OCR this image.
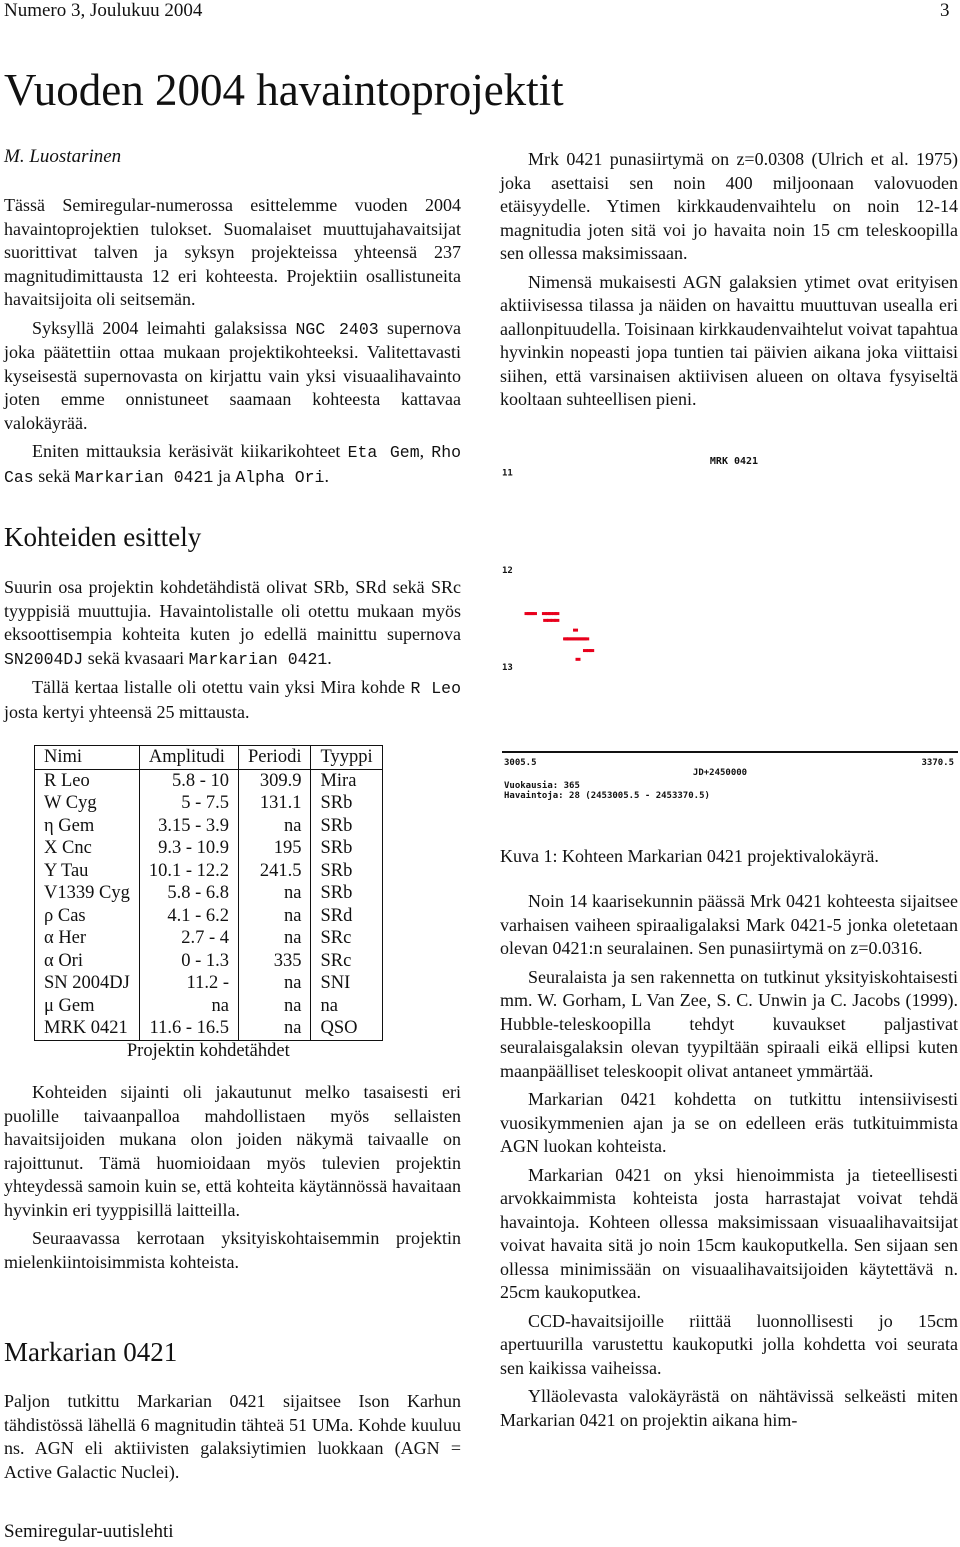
Numero 3, Joulukuu 2004	3
Vuoden 2004 havaintoprojektit
M. Luostarinen

Tässä Semiregular-numerossa esittelemme vuoden 2004 havaintoprojektien tulokset. Suomalaiset muuttujahavaitsijat suorittivat talven ja syksyn projekteissa yhteensä 237 magnitudimittausta 12 eri kohteesta. Projektiin osallistuneita havaitsijoita oli seitsemän.

Syksyllä 2004 leimahti galaksissa NGC 2403 supernova joka päätettiin ottaa mukaan projektikohteeksi. Valitettavasti kyseisestä supernovasta on kirjattu vain yksi visuaalihavainto joten emme onnistuneet saamaan kohteesta kattavaa valokäyrää.

Eniten mittauksia keräsivät kiikarikohteet Eta Gem, Rho Cas sekä Markarian 0421 ja Alpha Ori.

Kohteiden esittely

Suurin osa projektin kohdetähdistä olivat SRb, SRd sekä SRc tyyppisiä muuttujia. Havaintolistalle oli otettu mukaan myös eksoottisempia kohteita kuten jo edellä mainittu supernova SN2004DJ sekä kvasaari Markarian 0421.

Tällä kertaa listalle oli otettu vain yksi Mira kohde R Leo josta kertyi yhteensä 25 mittausta.

Nimi	Amplitudi	Periodi	Tyyppi
R Leo	5.8 - 10	309.9	Mira
W Cyg	5 - 7.5	131.1	SRb
η Gem	3.15 - 3.9	na	SRb
X Cnc	9.3 - 10.9	195	SRb
Y Tau	10.1 - 12.2	241.5	SRb
V1339 Cyg	5.8 - 6.8	na	SRb
ρ Cas	4.1 - 6.2	na	SRd
α Her	2.7 - 4	na	SRc
α Ori	0 - 1.3	335	SRc
SN 2004DJ	11.2 -	na	SNI
μ Gem	na	na	na
MRK 0421	11.6 - 16.5	na	QSO
Projektin kohdetähdet

Kohteiden sijainti oli jakautunut melko tasaisesti eri puolille taivaanpalloa mahdollistaen myös sellaisten havaitsijoiden mukana olon joiden näkymä taivaalle on rajoittunut. Tämä huomioidaan myös tulevien projektin yhteydessä samoin kuin se, että kohteita käytännössä havaitaan hyvinkin eri tyyppisillä laitteilla.

Seuraavassa kerrotaan yksityiskohtaisemmin projektin mielenkiintoisimmista kohteista.

Markarian 0421

Paljon tutkittu Markarian 0421 sijaitsee Ison Karhun tähdistössä lähellä 6 magnitudin tähteä 51 UMa. Kohde kuuluu ns. AGN eli aktiivisten galaksiytimien luokkaan (AGN = Active Galactic Nuclei).

Mrk 0421 punasiirtymä on z=0.0308 (Ulrich et al. 1975) joka asettaisi sen noin 400 miljoonaan valovuoden etäisyydelle. Ytimen kirkkaudenvaihtelu on noin 12-14 magnitudia joten sitä voi jo havaita noin 15 cm teleskoopilla sen ollessa maksimissaan.

Nimensä mukaisesti AGN galaksien ytimet ovat erityisen aktiivisessa tilassa ja näiden on havaittu muuttuvan usealla eri aallonpituudella. Toisinaan kirkkaudenvaihtelut voivat tapahtua hyvinkin nopeasti jopa tuntien tai päivien aikana joka viittaisi siihen, että varsinaisen aktiivisen alueen on oltava fysyiseltä kooltaan suhteellisen pieni.

MRK 0421
11
12
13
3005.5	3370.5
JD+2450000
Vuokausia: 365
Havaintoja: 28 (2453005.5 - 2453370.5)
Kuva 1: Kohteen Markarian 0421 projektivalokäyrä.

Noin 14 kaarisekunnin päässä Mrk 0421 kohteesta sijaitsee varhaisen vaiheen spiraaligalaksi Mark 0421-5 jonka oletetaan olevan 0421:n seuralainen. Sen punasiirtymä on z=0.0316.

Seuralaista ja sen rakennetta on tutkinut yksityiskohtaisesti mm. W. Gorham, L Van Zee, S. C. Unwin ja C. Jacobs (1999). Hubble-teleskoopilla tehdyt kuvaukset paljastivat seuralaisgalaksin olevan tyypiltään spiraali eikä ellipsi kuten maanpäälliset teleskoopit olivat antaneet ymmärtää.

Markarian 0421 kohdetta on tutkittu intensiivisesti vuosikymmenien ajan ja se on edelleen eräs tutkituimmista AGN luokan kohteista.

Markarian 0421 on yksi hienoimmista ja tieteellisesti arvokkaimmista kohteista josta harrastajat voivat tehdä havaintoja. Kohteen ollessa maksimissaan visuaalihavaitsijat voivat havaita sitä jo noin 15cm kaukoputkella. Sen sijaan sen ollessa minimissään on visuaalihavaitsijoiden käytettävä n. 25cm kaukoputkea.

CCD-havaitsijoille riittää luonnollisesti jo 15cm apertuurilla varustettu kaukoputki jolla kohdetta voi seurata sen kaikissa vaiheissa.

Ylläolevasta valokäyrästä on nähtävissä selkeästi miten Markarian 0421 on projektin aikana him-

Semiregular-uutislehti
